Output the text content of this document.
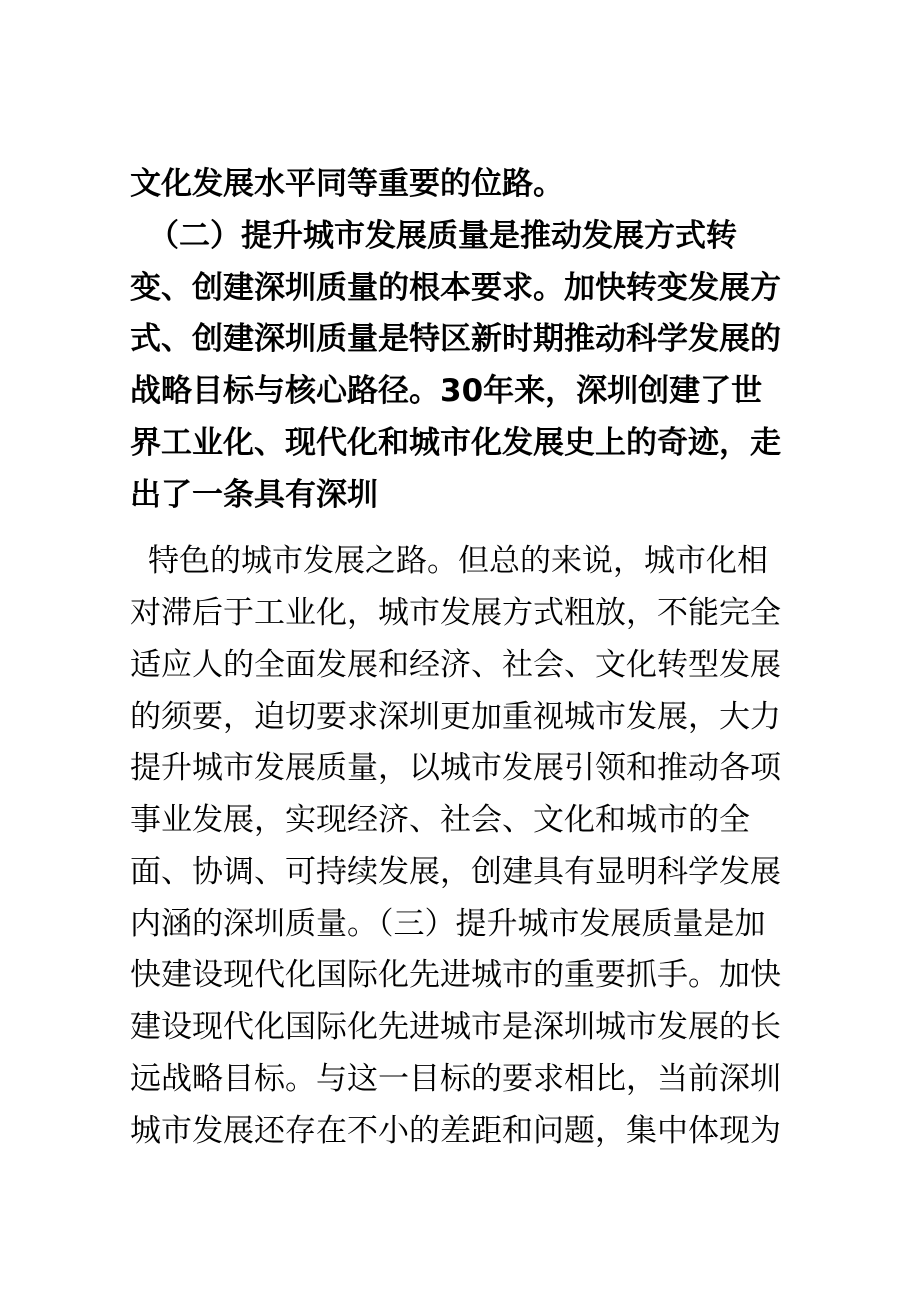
文化发展水平同等重要的位路。
（二）提升城市发展质量是推动发展方式转
变、创建深圳质量的根本要求。加快转变发展方
式、创建深圳质量是特区新时期推动科学发展的
战略目标与核心路径。30年来，深圳创建了世
界工业化、现代化和城市化发展史上的奇迹，走
出了一条具有深圳
特色的城市发展之路。但总的来说，城市化相
对滞后于工业化，城市发展方式粗放，不能完全
适应人的全面发展和经济、社会、文化转型发展
的须要，迫切要求深圳更加重视城市发展，大力
提升城市发展质量，以城市发展引领和推动各项
事业发展，实现经济、社会、文化和城市的全
面、协调、可持续发展，创建具有显明科学发展
内涵的深圳质量。（三）提升城市发展质量是加
快建设现代化国际化先进城市的重要抓手。加快
建设现代化国际化先进城市是深圳城市发展的长
远战略目标。与这一目标的要求相比，当前深圳
城市发展还存在不小的差距和问题，集中体现为
